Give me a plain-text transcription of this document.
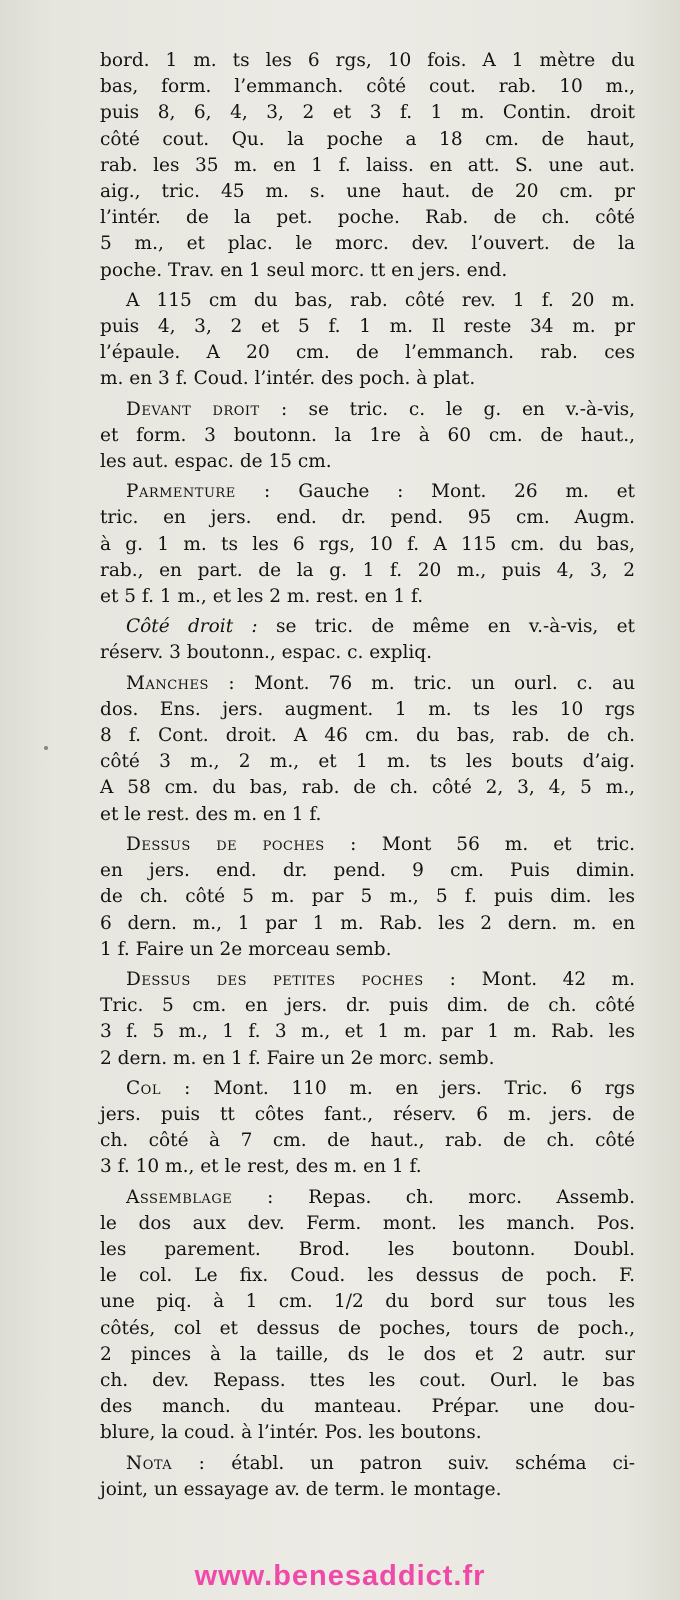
bord. 1 m. ts les 6 rgs, 10 fois. A 1 mètre du
bas, form. l’emmanch. côté cout. rab. 10 m.,
puis 8, 6, 4, 3, 2 et 3 f. 1 m. Contin. droit
côté cout. Qu. la poche a 18 cm. de haut,
rab. les 35 m. en 1 f. laiss. en att. S. une aut.
aig., tric. 45 m. s. une haut. de 20 cm. pr
l’intér. de la pet. poche. Rab. de ch. côté
5 m., et plac. le morc. dev. l’ouvert. de la
poche. Trav. en 1 seul morc. tt en jers. end.
A 115 cm du bas, rab. côté rev. 1 f. 20 m.
puis 4, 3, 2 et 5 f. 1 m. Il reste 34 m. pr
l’épaule. A 20 cm. de l’emmanch. rab. ces
m. en 3 f. Coud. l’intér. des poch. à plat.
Devant droit : se tric. c. le g. en v.-à-vis,
et form. 3 boutonn. la 1re à 60 cm. de haut.,
les aut. espac. de 15 cm.
Parmenture : Gauche : Mont. 26 m. et
tric. en jers. end. dr. pend. 95 cm. Augm.
à g. 1 m. ts les 6 rgs, 10 f. A 115 cm. du bas,
rab., en part. de la g. 1 f. 20 m., puis 4, 3, 2
et 5 f. 1 m., et les 2 m. rest. en 1 f.
Côté droit : se tric. de même en v.-à-vis, et
réserv. 3 boutonn., espac. c. expliq.
Manches : Mont. 76 m. tric. un ourl. c. au
dos. Ens. jers. augment. 1 m. ts les 10 rgs
8 f. Cont. droit. A 46 cm. du bas, rab. de ch.
côté 3 m., 2 m., et 1 m. ts les bouts d’aig.
A 58 cm. du bas, rab. de ch. côté 2, 3, 4, 5 m.,
et le rest. des m. en 1 f.
Dessus de poches : Mont 56 m. et tric.
en jers. end. dr. pend. 9 cm. Puis dimin.
de ch. côté 5 m. par 5 m., 5 f. puis dim. les
6 dern. m., 1 par 1 m. Rab. les 2 dern. m. en
1 f. Faire un 2e morceau semb.
Dessus des petites poches : Mont. 42 m.
Tric. 5 cm. en jers. dr. puis dim. de ch. côté
3 f. 5 m., 1 f. 3 m., et 1 m. par 1 m. Rab. les
2 dern. m. en 1 f. Faire un 2e morc. semb.
Col : Mont. 110 m. en jers. Tric. 6 rgs
jers. puis tt côtes fant., réserv. 6 m. jers. de
ch. côté à 7 cm. de haut., rab. de ch. côté
3 f. 10 m., et le rest, des m. en 1 f.
Assemblage : Repas. ch. morc. Assemb.
le dos aux dev. Ferm. mont. les manch. Pos.
les parement. Brod. les boutonn. Doubl.
le col. Le fix. Coud. les dessus de poch. F.
une piq. à 1 cm. 1/2 du bord sur tous les
côtés, col et dessus de poches, tours de poch.,
2 pinces à la taille, ds le dos et 2 autr. sur
ch. dev. Repass. ttes les cout. Ourl. le bas
des manch. du manteau. Prépar. une dou-
blure, la coud. à l’intér. Pos. les boutons.
Nota : établ. un patron suiv. schéma ci-
joint, un essayage av. de term. le montage.
www.benesaddict.fr
